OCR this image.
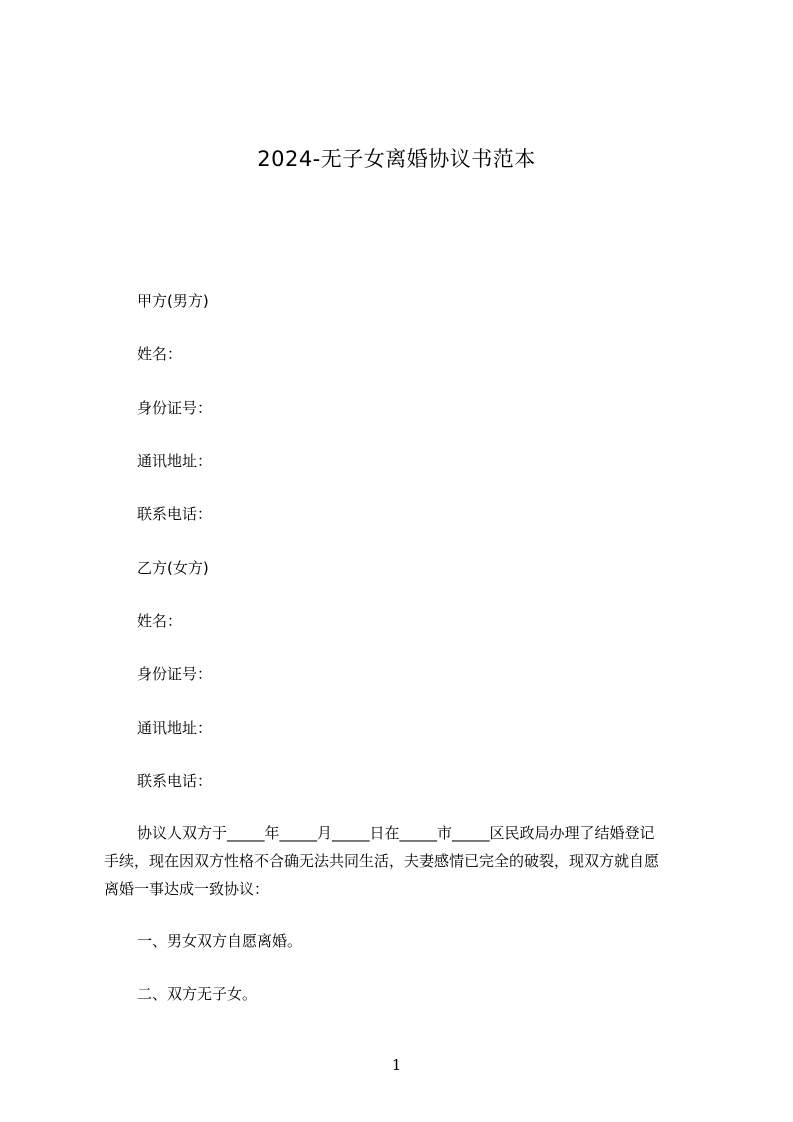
2024-无子女离婚协议书范本
甲方(男方)
姓名：
身份证号：
通讯地址：
联系电话：
乙方(女方)
姓名：
身份证号：
通讯地址：
联系电话：
协议人双方于_____年_____月_____日在_____市_____区民政局办理了结婚登记
手续，现在因双方性格不合确无法共同生活，夫妻感情已完全的破裂，现双方就自愿
离婚一事达成一致协议：
一、男女双方自愿离婚。
二、双方无子女。
1
